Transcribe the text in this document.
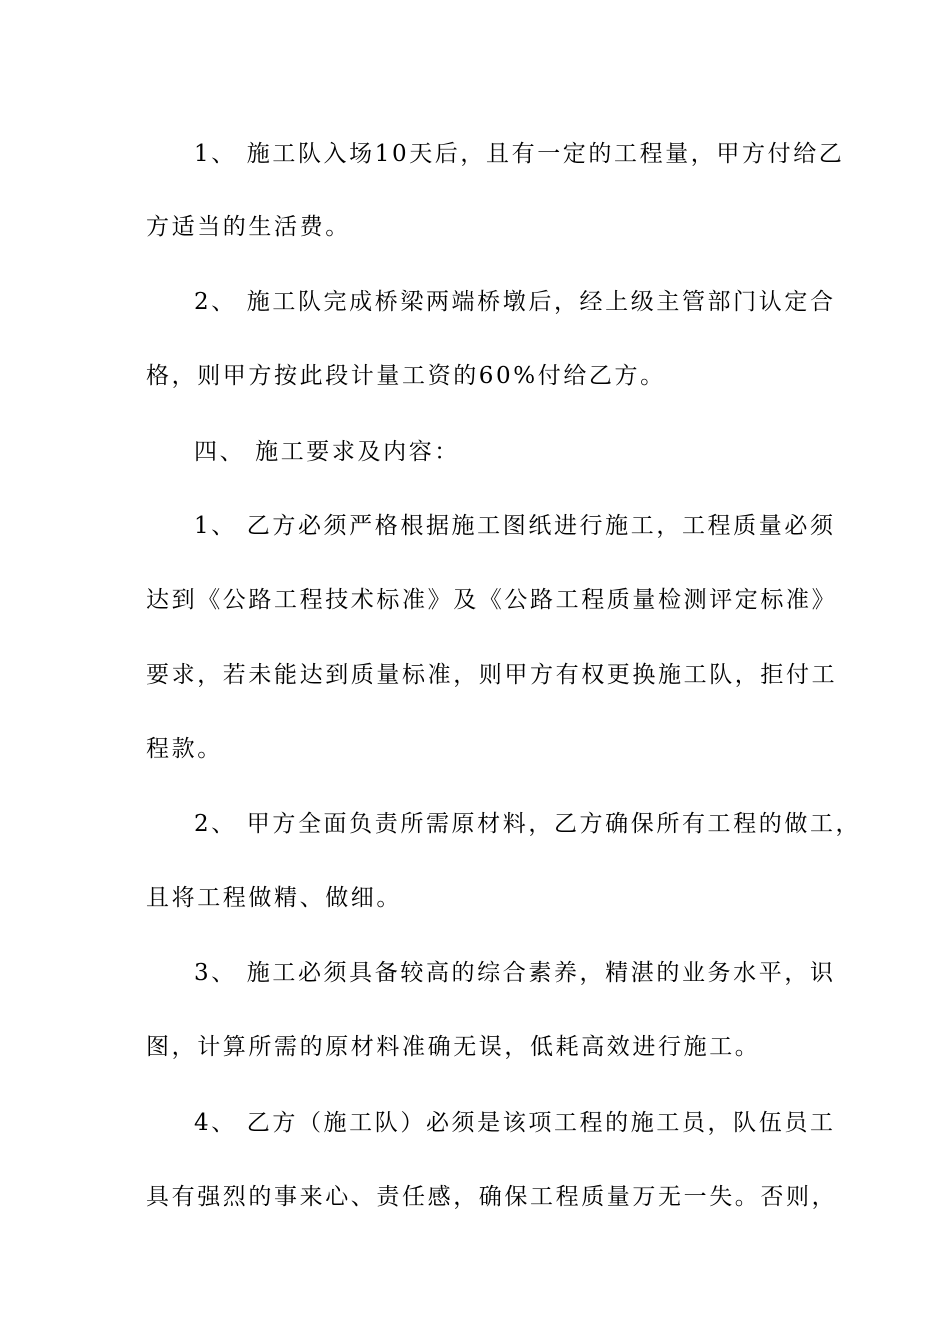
1、 施工队入场10天后，且有一定的工程量，甲方付给乙
方适当的生活费。
2、 施工队完成桥梁两端桥墩后，经上级主管部门认定合
格，则甲方按此段计量工资的60%付给乙方。
四、 施工要求及内容：
1、 乙方必须严格根据施工图纸进行施工，工程质量必须
达到《公路工程技术标准》及《公路工程质量检测评定标准》
要求，若未能达到质量标准，则甲方有权更换施工队，拒付工
程款。
2、 甲方全面负责所需原材料，乙方确保所有工程的做工，
且将工程做精、做细。
3、 施工必须具备较高的综合素养，精湛的业务水平，识
图，计算所需的原材料准确无误，低耗高效进行施工。
4、 乙方（施工队）必须是该项工程的施工员，队伍员工
具有强烈的事来心、责任感，确保工程质量万无一失。否则，
